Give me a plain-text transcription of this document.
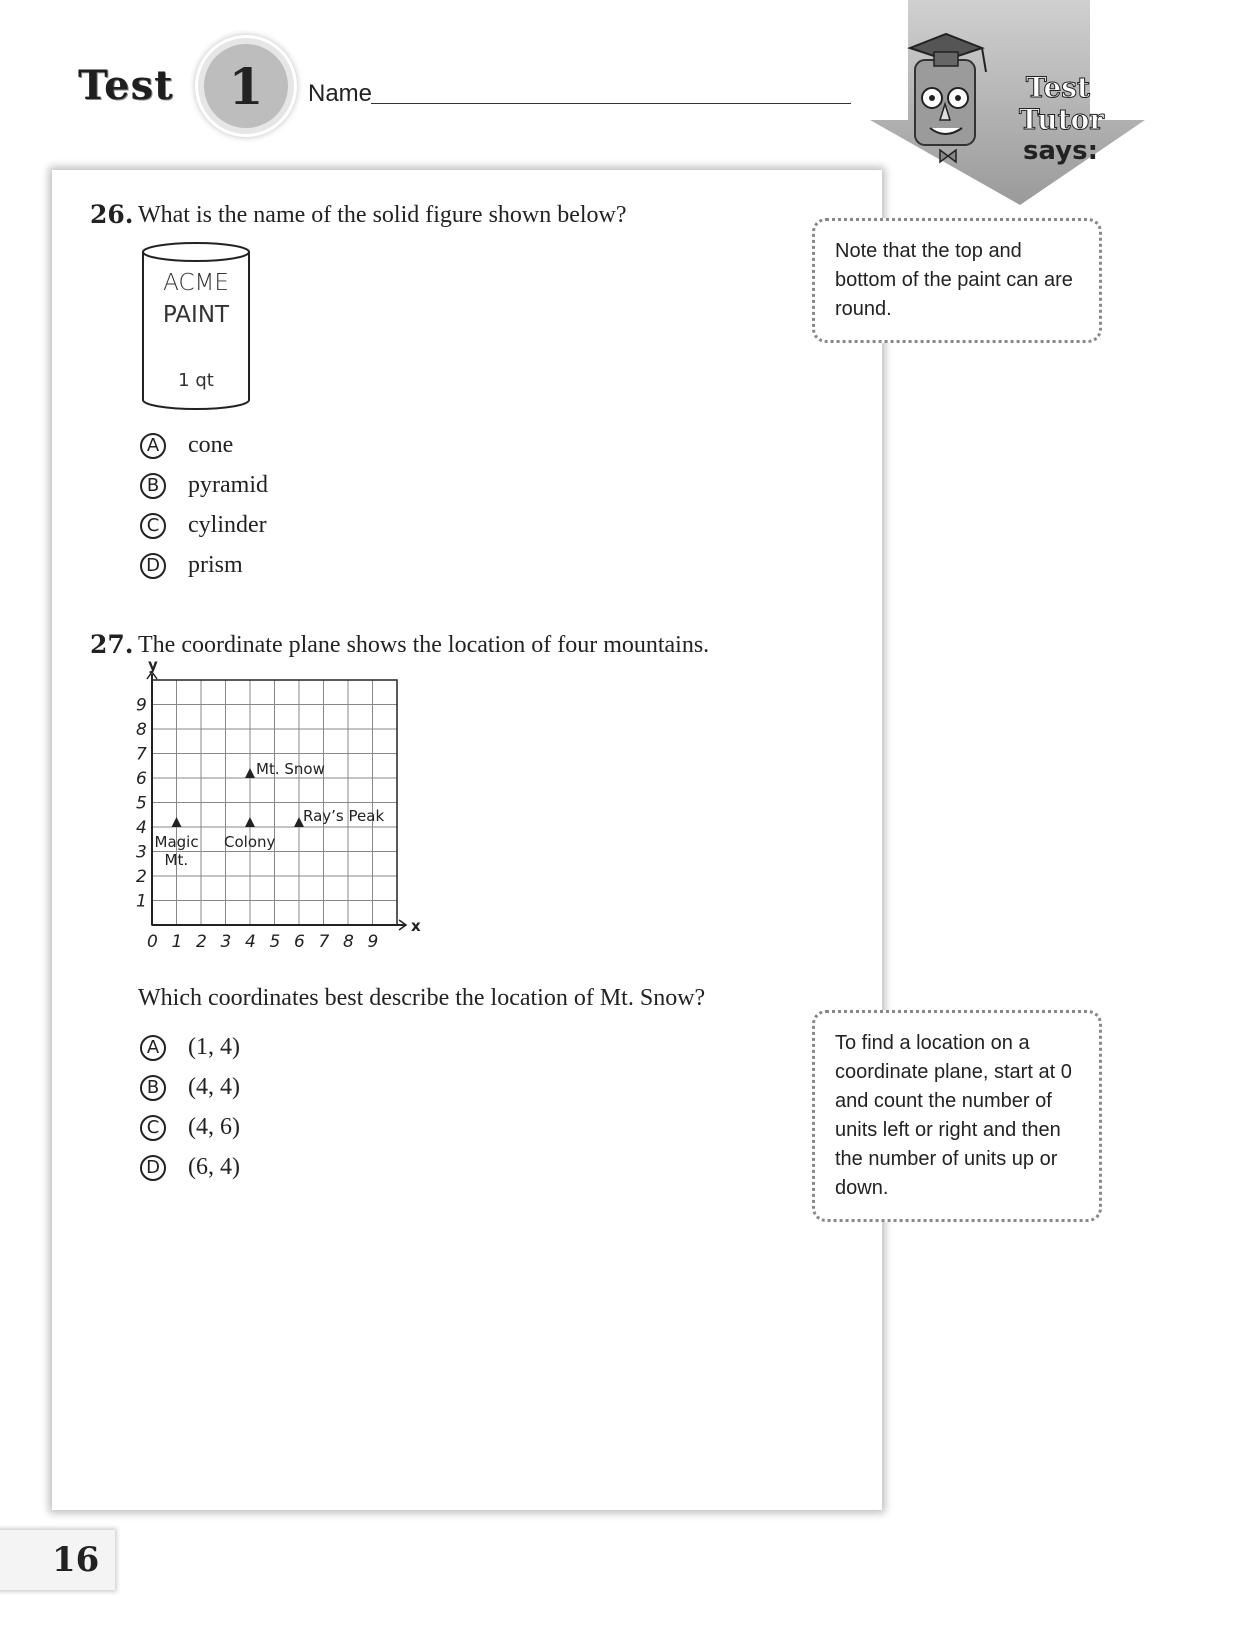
Test	1	Name	Test
Tutor
says:
26. What is the name of the solid figure shown below?
ACME
PAINT
1 qt
A cone
B pyramid
C cylinder
D prism
27. The coordinate plane shows the location of four mountains.
x
y
0 1 2 3 4 5 6 7 8 9
1
2
3
4
5
6
7
8
9
Mt. Snow
Ray’s Peak
Colony
Magic
Mt.
Which coordinates best describe the location of Mt. Snow?
A (1, 4)
B (4, 4)
C (4, 6)
D (6, 4)
Note that the top and bottom of the paint can are round.
To find a location on a coordinate plane, start at 0 and count the number of units left or right and then the number of units up or down.
16
